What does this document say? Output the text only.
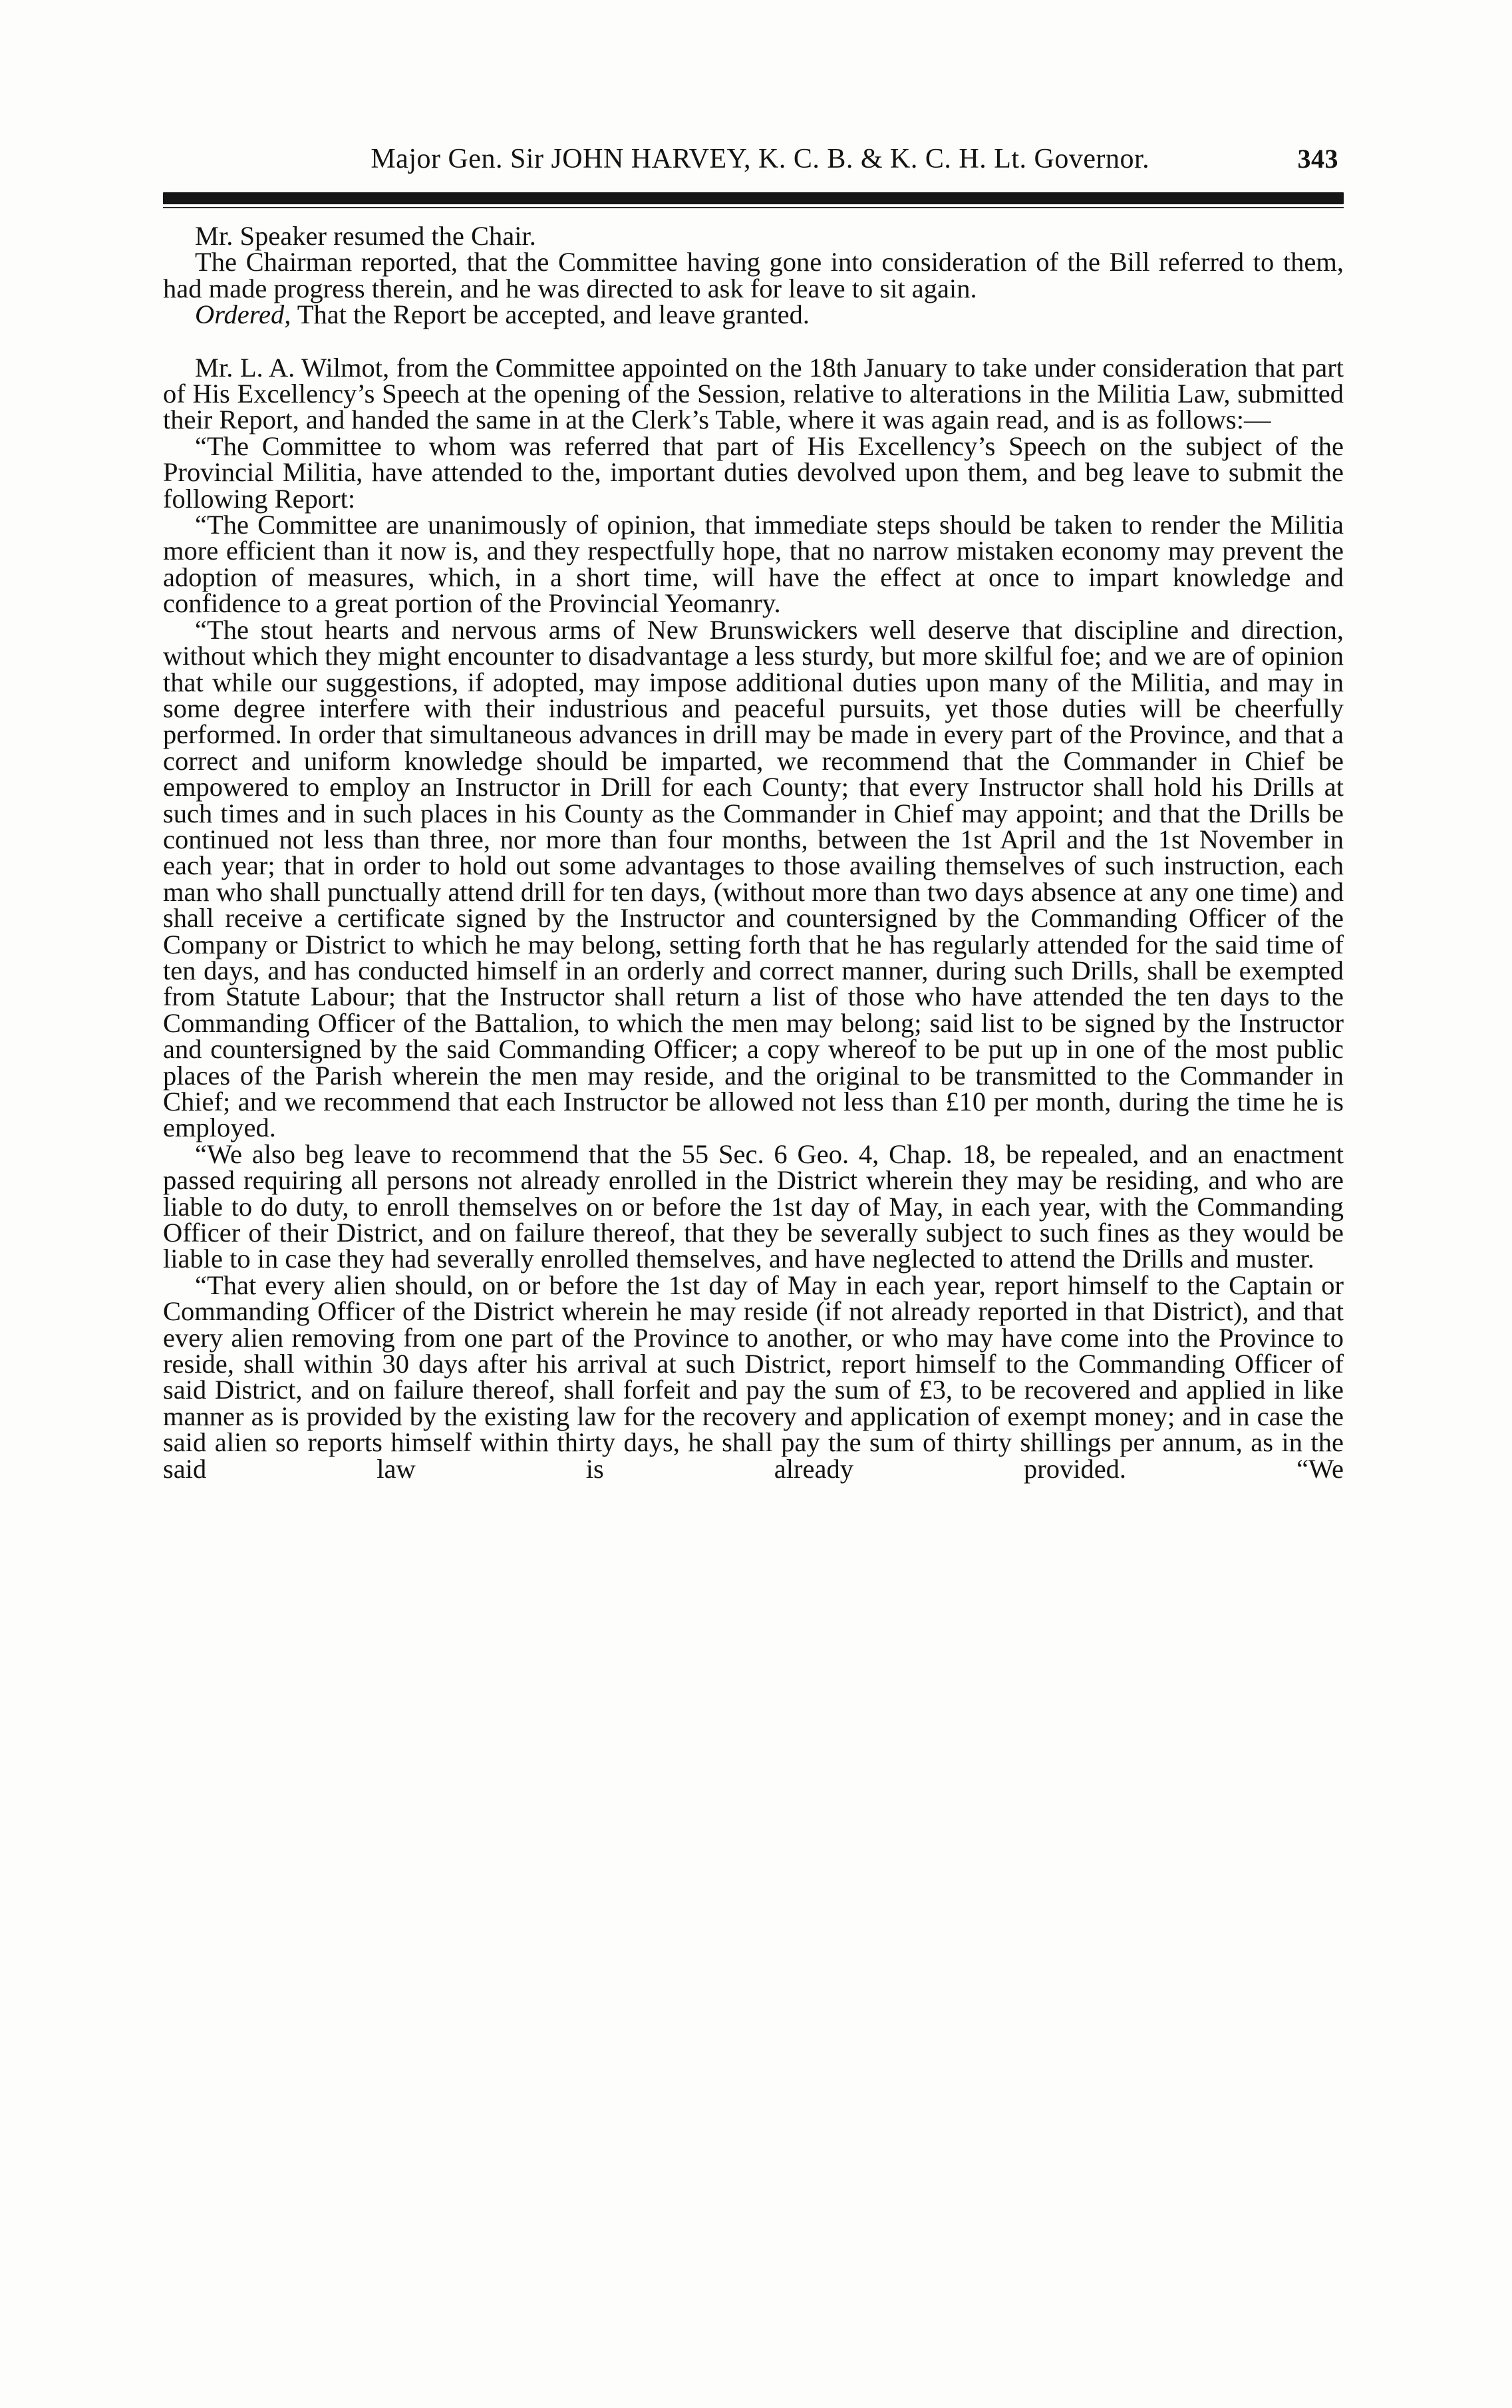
Major Gen. Sir JOHN HARVEY, K. C. B. & K. C. H. Lt. Governor.	343

Mr. Speaker resumed the Chair.

The Chairman reported, that the Committee having gone into consideration of the Bill referred to them, had made progress therein, and he was directed to ask for leave to sit again.

Ordered, That the Report be accepted, and leave granted.

Mr. L. A. Wilmot, from the Committee appointed on the 18th January to take under consideration that part of His Excellency’s Speech at the opening of the Session, relative to alterations in the Militia Law, submitted their Report, and handed the same in at the Clerk’s Table, where it was again read, and is as follows:—

“The Committee to whom was referred that part of His Excellency’s Speech on the subject of the Provincial Militia, have attended to the, important duties devolved upon them, and beg leave to submit the following Report:

“The Committee are unanimously of opinion, that immediate steps should be taken to render the Militia more efficient than it now is, and they respectfully hope, that no narrow mistaken economy may prevent the adoption of measures, which, in a short time, will have the effect at once to impart knowledge and confidence to a great portion of the Provincial Yeomanry.

“The stout hearts and nervous arms of New Brunswickers well deserve that discipline and direction, without which they might encounter to disadvantage a less sturdy, but more skilful foe; and we are of opinion that while our suggestions, if adopted, may impose additional duties upon many of the Militia, and may in some degree interfere with their industrious and peaceful pursuits, yet those duties will be cheerfully performed. In order that simultaneous advances in drill may be made in every part of the Province, and that a correct and uniform knowledge should be imparted, we recommend that the Commander in Chief be empowered to employ an Instructor in Drill for each County; that every Instructor shall hold his Drills at such times and in such places in his County as the Commander in Chief may appoint; and that the Drills be continued not less than three, nor more than four months, between the 1st April and the 1st November in each year; that in order to hold out some advantages to those availing themselves of such instruction, each man who shall punctually attend drill for ten days, (without more than two days absence at any one time) and shall receive a certificate signed by the Instructor and countersigned by the Commanding Officer of the Company or District to which he may belong, setting forth that he has regularly attended for the said time of ten days, and has conducted himself in an orderly and correct manner, during such Drills, shall be exempted from Statute Labour; that the Instructor shall return a list of those who have attended the ten days to the Commanding Officer of the Battalion, to which the men may belong; said list to be signed by the Instructor and countersigned by the said Commanding Officer; a copy whereof to be put up in one of the most public places of the Parish wherein the men may reside, and the original to be transmitted to the Commander in Chief; and we recommend that each Instructor be allowed not less than £10 per month, during the time he is employed.

“We also beg leave to recommend that the 55 Sec. 6 Geo. 4, Chap. 18, be repealed, and an enactment passed requiring all persons not already enrolled in the District wherein they may be residing, and who are liable to do duty, to enroll themselves on or before the 1st day of May, in each year, with the Commanding Officer of their District, and on failure thereof, that they be severally subject to such fines as they would be liable to in case they had severally enrolled themselves, and have neglected to attend the Drills and muster.

“That every alien should, on or before the 1st day of May in each year, report himself to the Captain or Commanding Officer of the District wherein he may reside (if not already reported in that District), and that every alien removing from one part of the Province to another, or who may have come into the Province to reside, shall within 30 days after his arrival at such District, report himself to the Commanding Officer of said District, and on failure thereof, shall forfeit and pay the sum of £3, to be recovered and applied in like manner as is provided by the existing law for the recovery and application of exempt money; and in case the said alien so reports himself within thirty days, he shall pay the sum of thirty shillings per annum, as in the said law is already provided. “We
